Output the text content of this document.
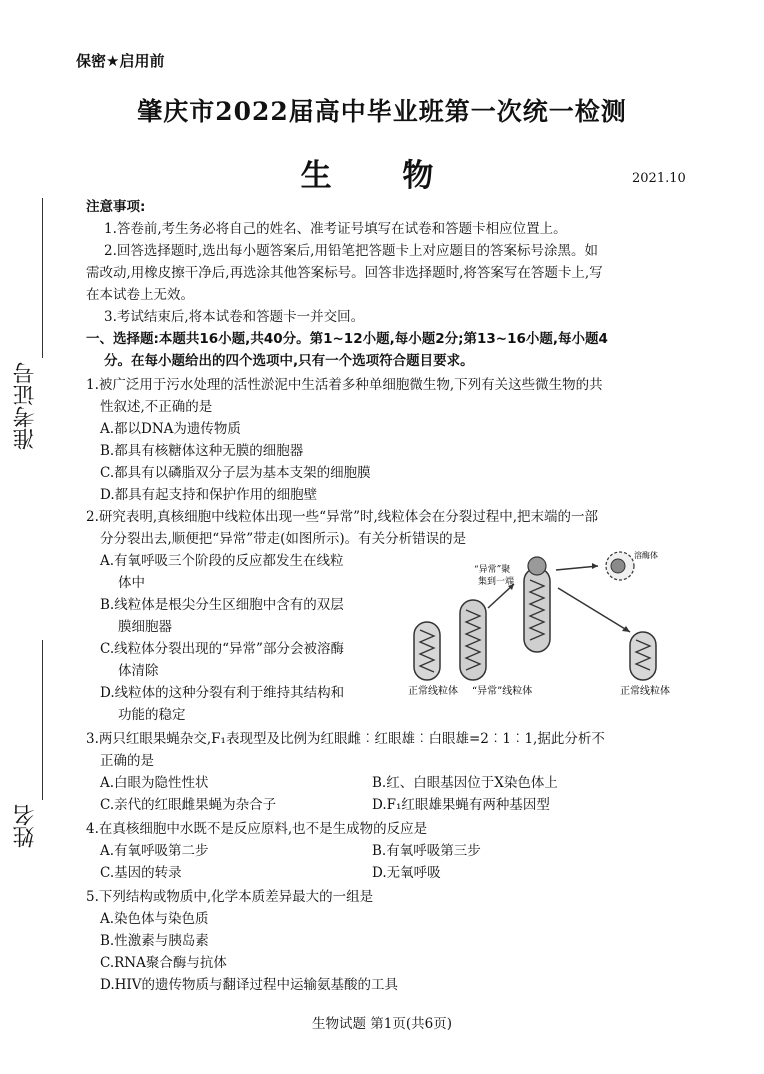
保密★启用前
肇庆市2022届高中毕业班第一次统一检测
生 物	2021.10
准考证号
姓名
注意事项:
1.答卷前,考生务必将自己的姓名、准考证号填写在试卷和答题卡相应位置上。
2.回答选择题时,选出每小题答案后,用铅笔把答题卡上对应题目的答案标号涂黑。如
需改动,用橡皮擦干净后,再选涂其他答案标号。回答非选择题时,将答案写在答题卡上,写
在本试卷上无效。
3.考试结束后,将本试卷和答题卡一并交回。
一、选择题:本题共16小题,共40分。第1~12小题,每小题2分;第13~16小题,每小题4
分。在每小题给出的四个选项中,只有一个选项符合题目要求。
1.被广泛用于污水处理的活性淤泥中生活着多种单细胞微生物,下列有关这些微生物的共
性叙述,不正确的是
A.都以DNA为遗传物质
B.都具有核糖体这种无膜的细胞器
C.都具有以磷脂双分子层为基本支架的细胞膜
D.都具有起支持和保护作用的细胞壁
2.研究表明,真核细胞中线粒体出现一些“异常”时,线粒体会在分裂过程中,把末端的一部
分分裂出去,顺便把“异常”带走(如图所示)。有关分析错误的是
A.有氧呼吸三个阶段的反应都发生在线粒
体中
B.线粒体是根尖分生区细胞中含有的双层
膜细胞器
C.线粒体分裂出现的“异常”部分会被溶酶
体清除
D.线粒体的这种分裂有利于维持其结构和
功能的稳定
“异常”聚
集到一端
溶酶体
正常线粒体 “异常”线粒体	正常线粒体
3.两只红眼果蝇杂交,F₁表现型及比例为红眼雌︰红眼雄︰白眼雄=2︰1︰1,据此分析不
正确的是
A.白眼为隐性性状	B.红、白眼基因位于X染色体上
C.亲代的红眼雌果蝇为杂合子	D.F₁红眼雄果蝇有两种基因型
4.在真核细胞中水既不是反应原料,也不是生成物的反应是
A.有氧呼吸第二步	B.有氧呼吸第三步
C.基因的转录	D.无氧呼吸
5.下列结构或物质中,化学本质差异最大的一组是
A.染色体与染色质
B.性激素与胰岛素
C.RNA聚合酶与抗体
D.HIV的遗传物质与翻译过程中运输氨基酸的工具
生物试题 第1页(共6页)
